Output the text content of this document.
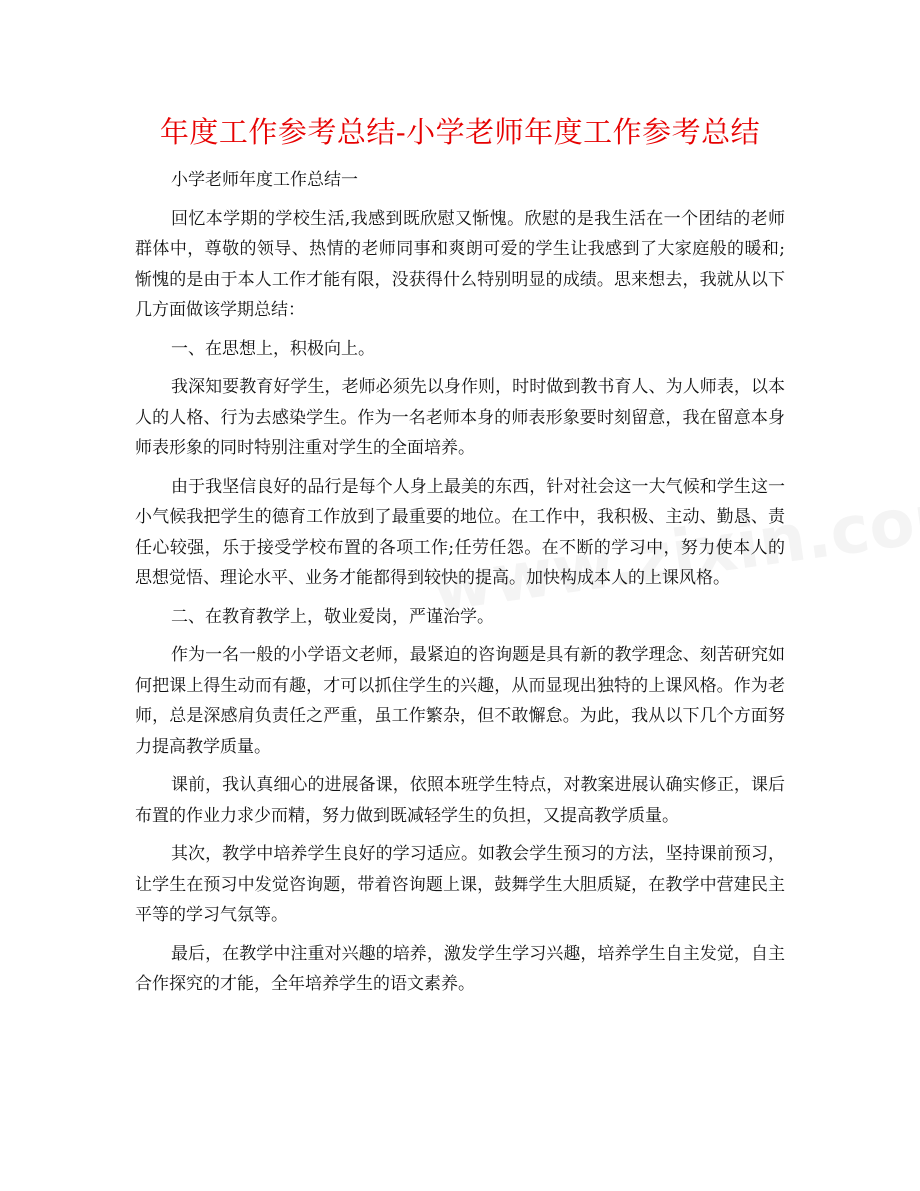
年度工作参考总结-小学老师年度工作参考总结

小学老师年度工作总结一

回忆本学期的学校生活,我感到既欣慰又惭愧。欣慰的是我生活在一个团结的老师群体中，尊敬的领导、热情的老师同事和爽朗可爱的学生让我感到了大家庭般的暖和;惭愧的是由于本人工作才能有限，没获得什么特别明显的成绩。思来想去，我就从以下几方面做该学期总结：

一、在思想上，积极向上。

我深知要教育好学生，老师必须先以身作则，时时做到教书育人、为人师表，以本人的人格、行为去感染学生。作为一名老师本身的师表形象要时刻留意，我在留意本身师表形象的同时特别注重对学生的全面培养。

由于我坚信良好的品行是每个人身上最美的东西，针对社会这一大气候和学生这一小气候我把学生的德育工作放到了最重要的地位。在工作中，我积极、主动、勤恳、责任心较强，乐于接受学校布置的各项工作;任劳任怨。在不断的学习中，努力使本人的思想觉悟、理论水平、业务才能都得到较快的提高。加快构成本人的上课风格。

二、在教育教学上，敬业爱岗，严谨治学。

作为一名一般的小学语文老师，最紧迫的咨询题是具有新的教学理念、刻苦研究如何把课上得生动而有趣，才可以抓住学生的兴趣，从而显现出独特的上课风格。作为老师，总是深感肩负责任之严重，虽工作繁杂，但不敢懈怠。为此，我从以下几个方面努力提高教学质量。

课前，我认真细心的进展备课，依照本班学生特点，对教案进展认确实修正，课后布置的作业力求少而精，努力做到既减轻学生的负担，又提高教学质量。

其次，教学中培养学生良好的学习适应。如教会学生预习的方法，坚持课前预习，让学生在预习中发觉咨询题，带着咨询题上课，鼓舞学生大胆质疑，在教学中营建民主平等的学习气氛等。

最后，在教学中注重对兴趣的培养，激发学生学习兴趣，培养学生自主发觉，自主合作探究的才能，全年培养学生的语文素养。
